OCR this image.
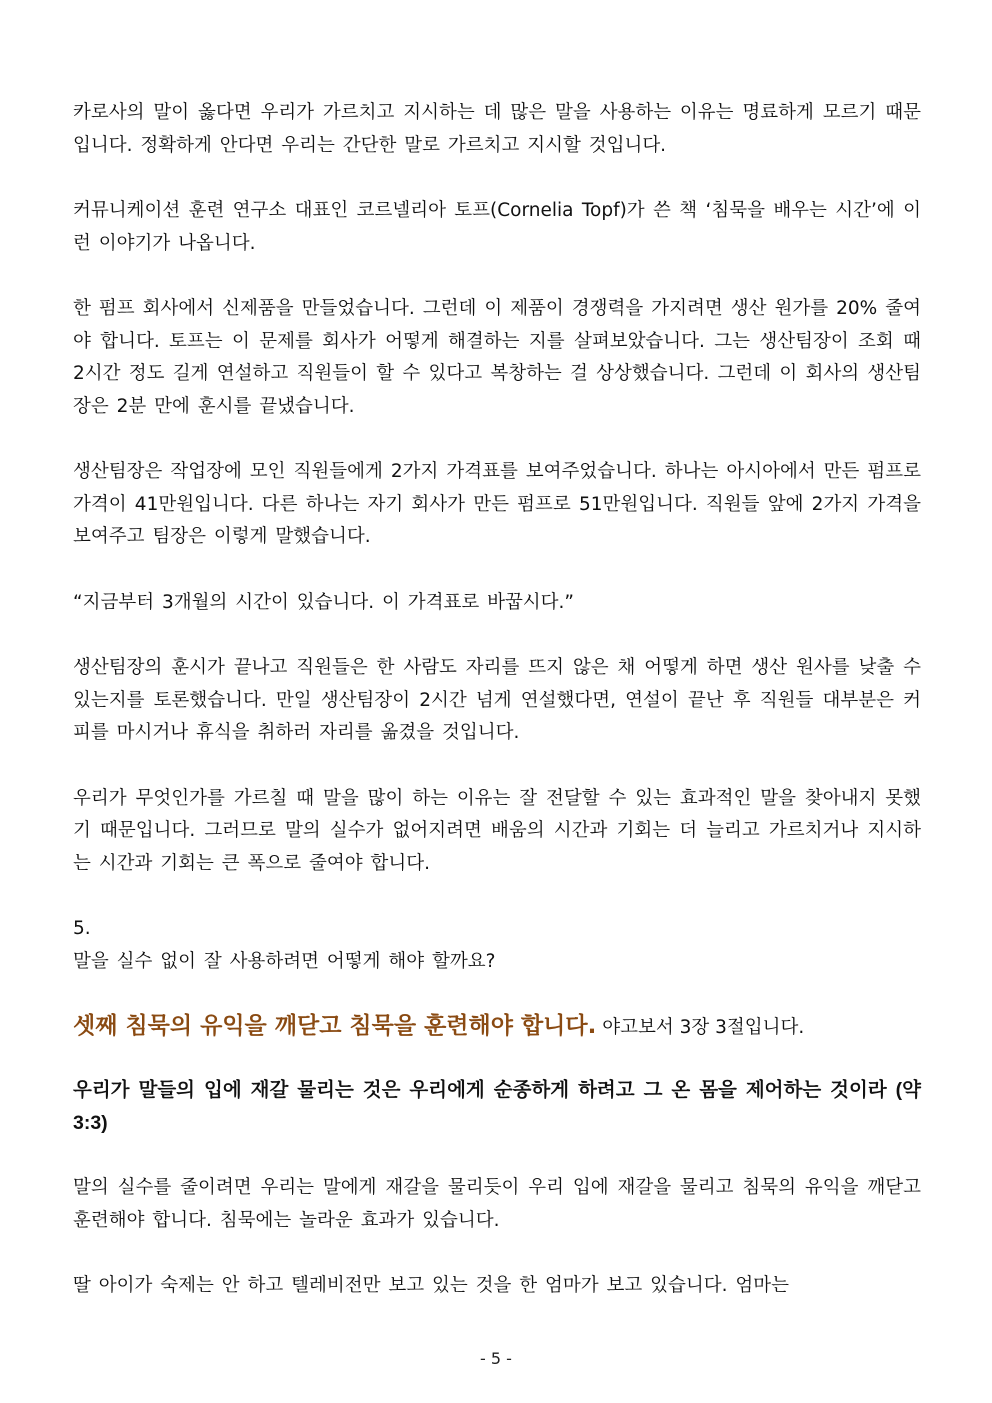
카로사의 말이 옳다면 우리가 가르치고 지시하는 데 많은 말을 사용하는 이유는 명료하게 모르기 때문입니다. 정확하게 안다면 우리는 간단한 말로 가르치고 지시할 것입니다.

커뮤니케이션 훈련 연구소 대표인 코르넬리아 토프(Cornelia Topf)가 쓴 책 ‘침묵을 배우는 시간’에 이런 이야기가 나옵니다.

한 펌프 회사에서 신제품을 만들었습니다. 그런데 이 제품이 경쟁력을 가지려면 생산 원가를 20% 줄여야 합니다. 토프는 이 문제를 회사가 어떻게 해결하는 지를 살펴보았습니다. 그는 생산팀장이 조회 때 2시간 정도 길게 연설하고 직원들이 할 수 있다고 복창하는 걸 상상했습니다. 그런데 이 회사의 생산팀장은 2분 만에 훈시를 끝냈습니다.

생산팀장은 작업장에 모인 직원들에게 2가지 가격표를 보여주었습니다. 하나는 아시아에서 만든 펌프로 가격이 41만원입니다. 다른 하나는 자기 회사가 만든 펌프로 51만원입니다. 직원들 앞에 2가지 가격을 보여주고 팀장은 이렇게 말했습니다.

“지금부터 3개월의 시간이 있습니다. 이 가격표로 바꿉시다.”

생산팀장의 훈시가 끝나고 직원들은 한 사람도 자리를 뜨지 않은 채 어떻게 하면 생산 원사를 낮출 수 있는지를 토론했습니다. 만일 생산팀장이 2시간 넘게 연설했다면, 연설이 끝난 후 직원들 대부분은 커피를 마시거나 휴식을 취하러 자리를 옮겼을 것입니다.

우리가 무엇인가를 가르칠 때 말을 많이 하는 이유는 잘 전달할 수 있는 효과적인 말을 찾아내지 못했기 때문입니다. 그러므로 말의 실수가 없어지려면 배움의 시간과 기회는 더 늘리고 가르치거나 지시하는 시간과 기회는 큰 폭으로 줄여야 합니다.

5.

말을 실수 없이 잘 사용하려면 어떻게 해야 할까요?

셋째 침묵의 유익을 깨닫고 침묵을 훈련해야 합니다. 야고보서 3장 3절입니다.

우리가 말들의 입에 재갈 물리는 것은 우리에게 순종하게 하려고 그 온 몸을 제어하는 것이라 (약 3:3)

말의 실수를 줄이려면 우리는 말에게 재갈을 물리듯이 우리 입에 재갈을 물리고 침묵의 유익을 깨닫고 훈련해야 합니다. 침묵에는 놀라운 효과가 있습니다.

딸 아이가 숙제는 안 하고 텔레비전만 보고 있는 것을 한 엄마가 보고 있습니다. 엄마는

- 5 -
